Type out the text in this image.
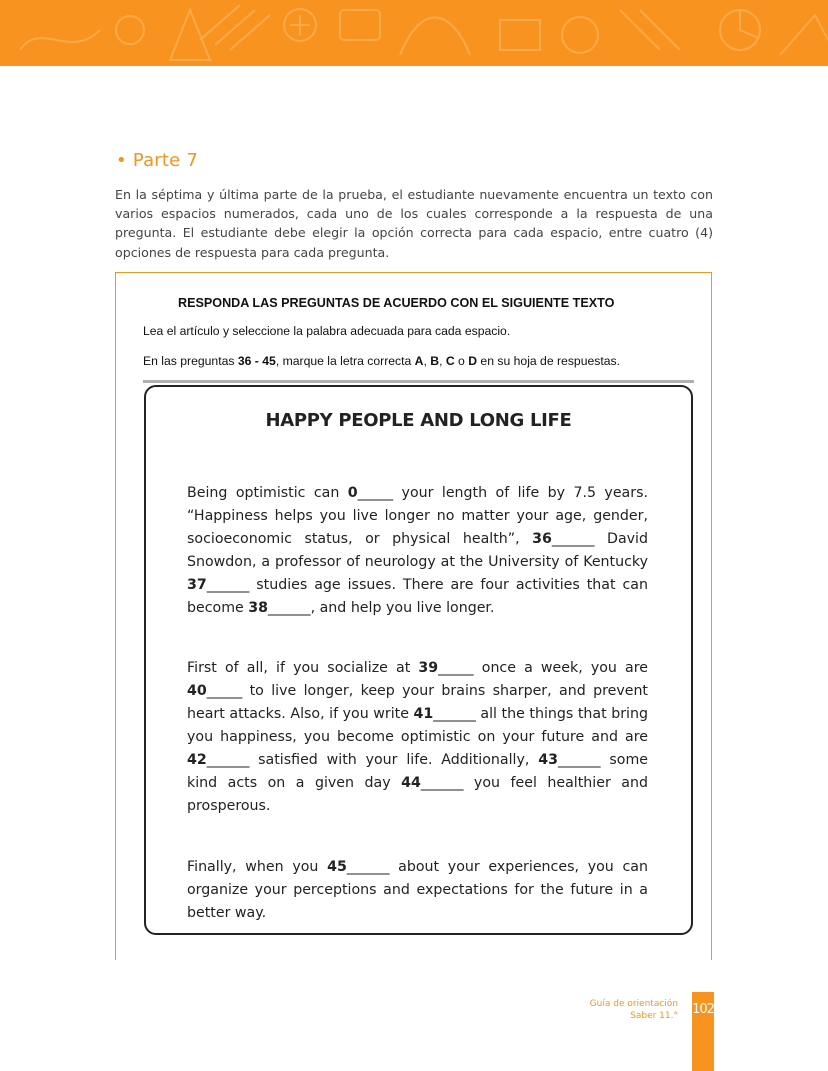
• Parte 7
En la séptima y última parte de la prueba, el estudiante nuevamente encuentra un texto con varios espacios numerados, cada uno de los cuales corresponde a la respuesta de una pregunta. El estudiante debe elegir la opción correcta para cada espacio, entre cuatro (4) opciones de respuesta para cada pregunta.
RESPONDA LAS PREGUNTAS DE ACUERDO CON EL SIGUIENTE TEXTO
Lea el artículo y seleccione la palabra adecuada para cada espacio.
En las preguntas 36 - 45, marque la letra correcta A, B, C o D en su hoja de respuestas.
HAPPY PEOPLE AND LONG LIFE
Being optimistic can 0_____ your length of life by 7.5 years. “Happiness helps you live longer no matter your age, gender, socioeconomic status, or physical health”, 36______ David Snowdon, a professor of neurology at the University of Kentucky 37______ studies age issues. There are four activities that can become 38______, and help you live longer.
First of all, if you socialize at 39_____ once a week, you are 40_____ to live longer, keep your brains sharper, and prevent heart attacks. Also, if you write 41______ all the things that bring you happiness, you become optimistic on your future and are 42______ satisfied with your life. Additionally, 43______ some kind acts on a given day 44______ you feel healthier and prosperous.
Finally, when you 45______ about your experiences, you can organize your perceptions and expectations for the future in a better way.
Guía de orientación
Saber 11.° 102
